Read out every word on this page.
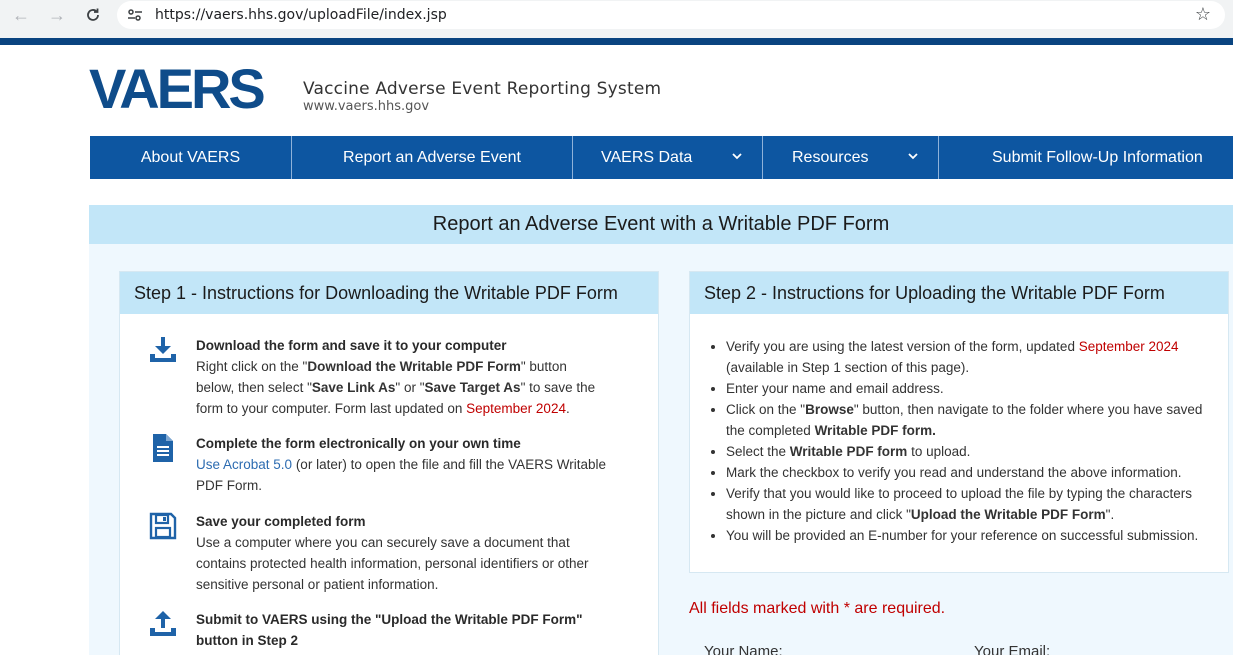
←	→	https://vaers.hhs.gov/uploadFile/index.jsp	☆
VAERS Vaccine Adverse Event Reporting System
www.vaers.hhs.gov
About VAERS	Report an Adverse Event	VAERS Data	Resources	Submit Follow-Up Information
Report an Adverse Event with a Writable PDF Form
Step 1 - Instructions for Downloading the Writable PDF Form
Download the form and save it to your computer
Right click on the "Download the Writable PDF Form" button below, then select "Save Link As" or "Save Target As" to save the form to your computer. Form last updated on September 2024.
Complete the form electronically on your own time
Use Acrobat 5.0 (or later) to open the file and fill the VAERS Writable PDF Form.
Save your completed form
Use a computer where you can securely save a document that contains protected health information, personal identifiers or other sensitive personal or patient information.
Submit to VAERS using the "Upload the Writable PDF Form" button in Step 2
Step 2 - Instructions for Uploading the Writable PDF Form
• Verify you are using the latest version of the form, updated September 2024 (available in Step 1 section of this page).
• Enter your name and email address.
• Click on the "Browse" button, then navigate to the folder where you have saved the completed Writable PDF form.
• Select the Writable PDF form to upload.
• Mark the checkbox to verify you read and understand the above information.
• Verify that you would like to proceed to upload the file by typing the characters shown in the picture and click "Upload the Writable PDF Form".
• You will be provided an E-number for your reference on successful submission.
All fields marked with * are required.
Your Name:	Your Email:
